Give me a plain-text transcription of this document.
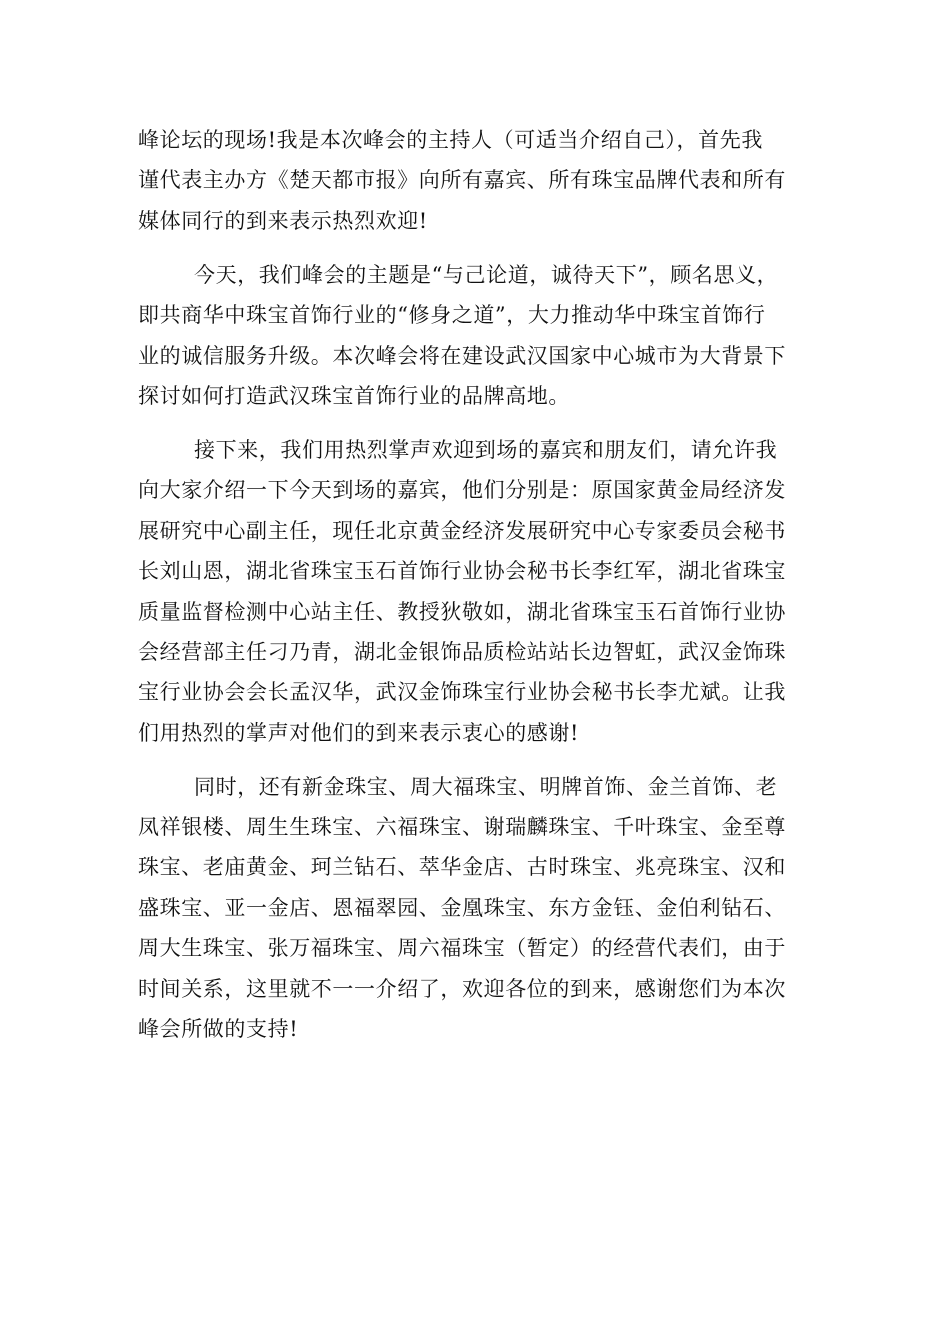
峰论坛的现场!我是本次峰会的主持人（可适当介绍自己），首先我
谨代表主办方《楚天都市报》向所有嘉宾、所有珠宝品牌代表和所有
媒体同行的到来表示热烈欢迎!
今天，我们峰会的主题是“与己论道，诚待天下”，顾名思义，
即共商华中珠宝首饰行业的“修身之道”，大力推动华中珠宝首饰行
业的诚信服务升级。本次峰会将在建设武汉国家中心城市为大背景下
探讨如何打造武汉珠宝首饰行业的品牌高地。
接下来，我们用热烈掌声欢迎到场的嘉宾和朋友们，请允许我
向大家介绍一下今天到场的嘉宾，他们分别是：原国家黄金局经济发
展研究中心副主任，现任北京黄金经济发展研究中心专家委员会秘书
长刘山恩，湖北省珠宝玉石首饰行业协会秘书长李红军，湖北省珠宝
质量监督检测中心站主任、教授狄敬如，湖北省珠宝玉石首饰行业协
会经营部主任刁乃青，湖北金银饰品质检站站长边智虹，武汉金饰珠
宝行业协会会长孟汉华，武汉金饰珠宝行业协会秘书长李尤斌。让我
们用热烈的掌声对他们的到来表示衷心的感谢!
同时，还有新金珠宝、周大福珠宝、明牌首饰、金兰首饰、老
凤祥银楼、周生生珠宝、六福珠宝、谢瑞麟珠宝、千叶珠宝、金至尊
珠宝、老庙黄金、珂兰钻石、萃华金店、古时珠宝、兆亮珠宝、汉和
盛珠宝、亚一金店、恩福翠园、金凰珠宝、东方金钰、金伯利钻石、
周大生珠宝、张万福珠宝、周六福珠宝（暂定）的经营代表们，由于
时间关系，这里就不一一介绍了，欢迎各位的到来，感谢您们为本次
峰会所做的支持!
